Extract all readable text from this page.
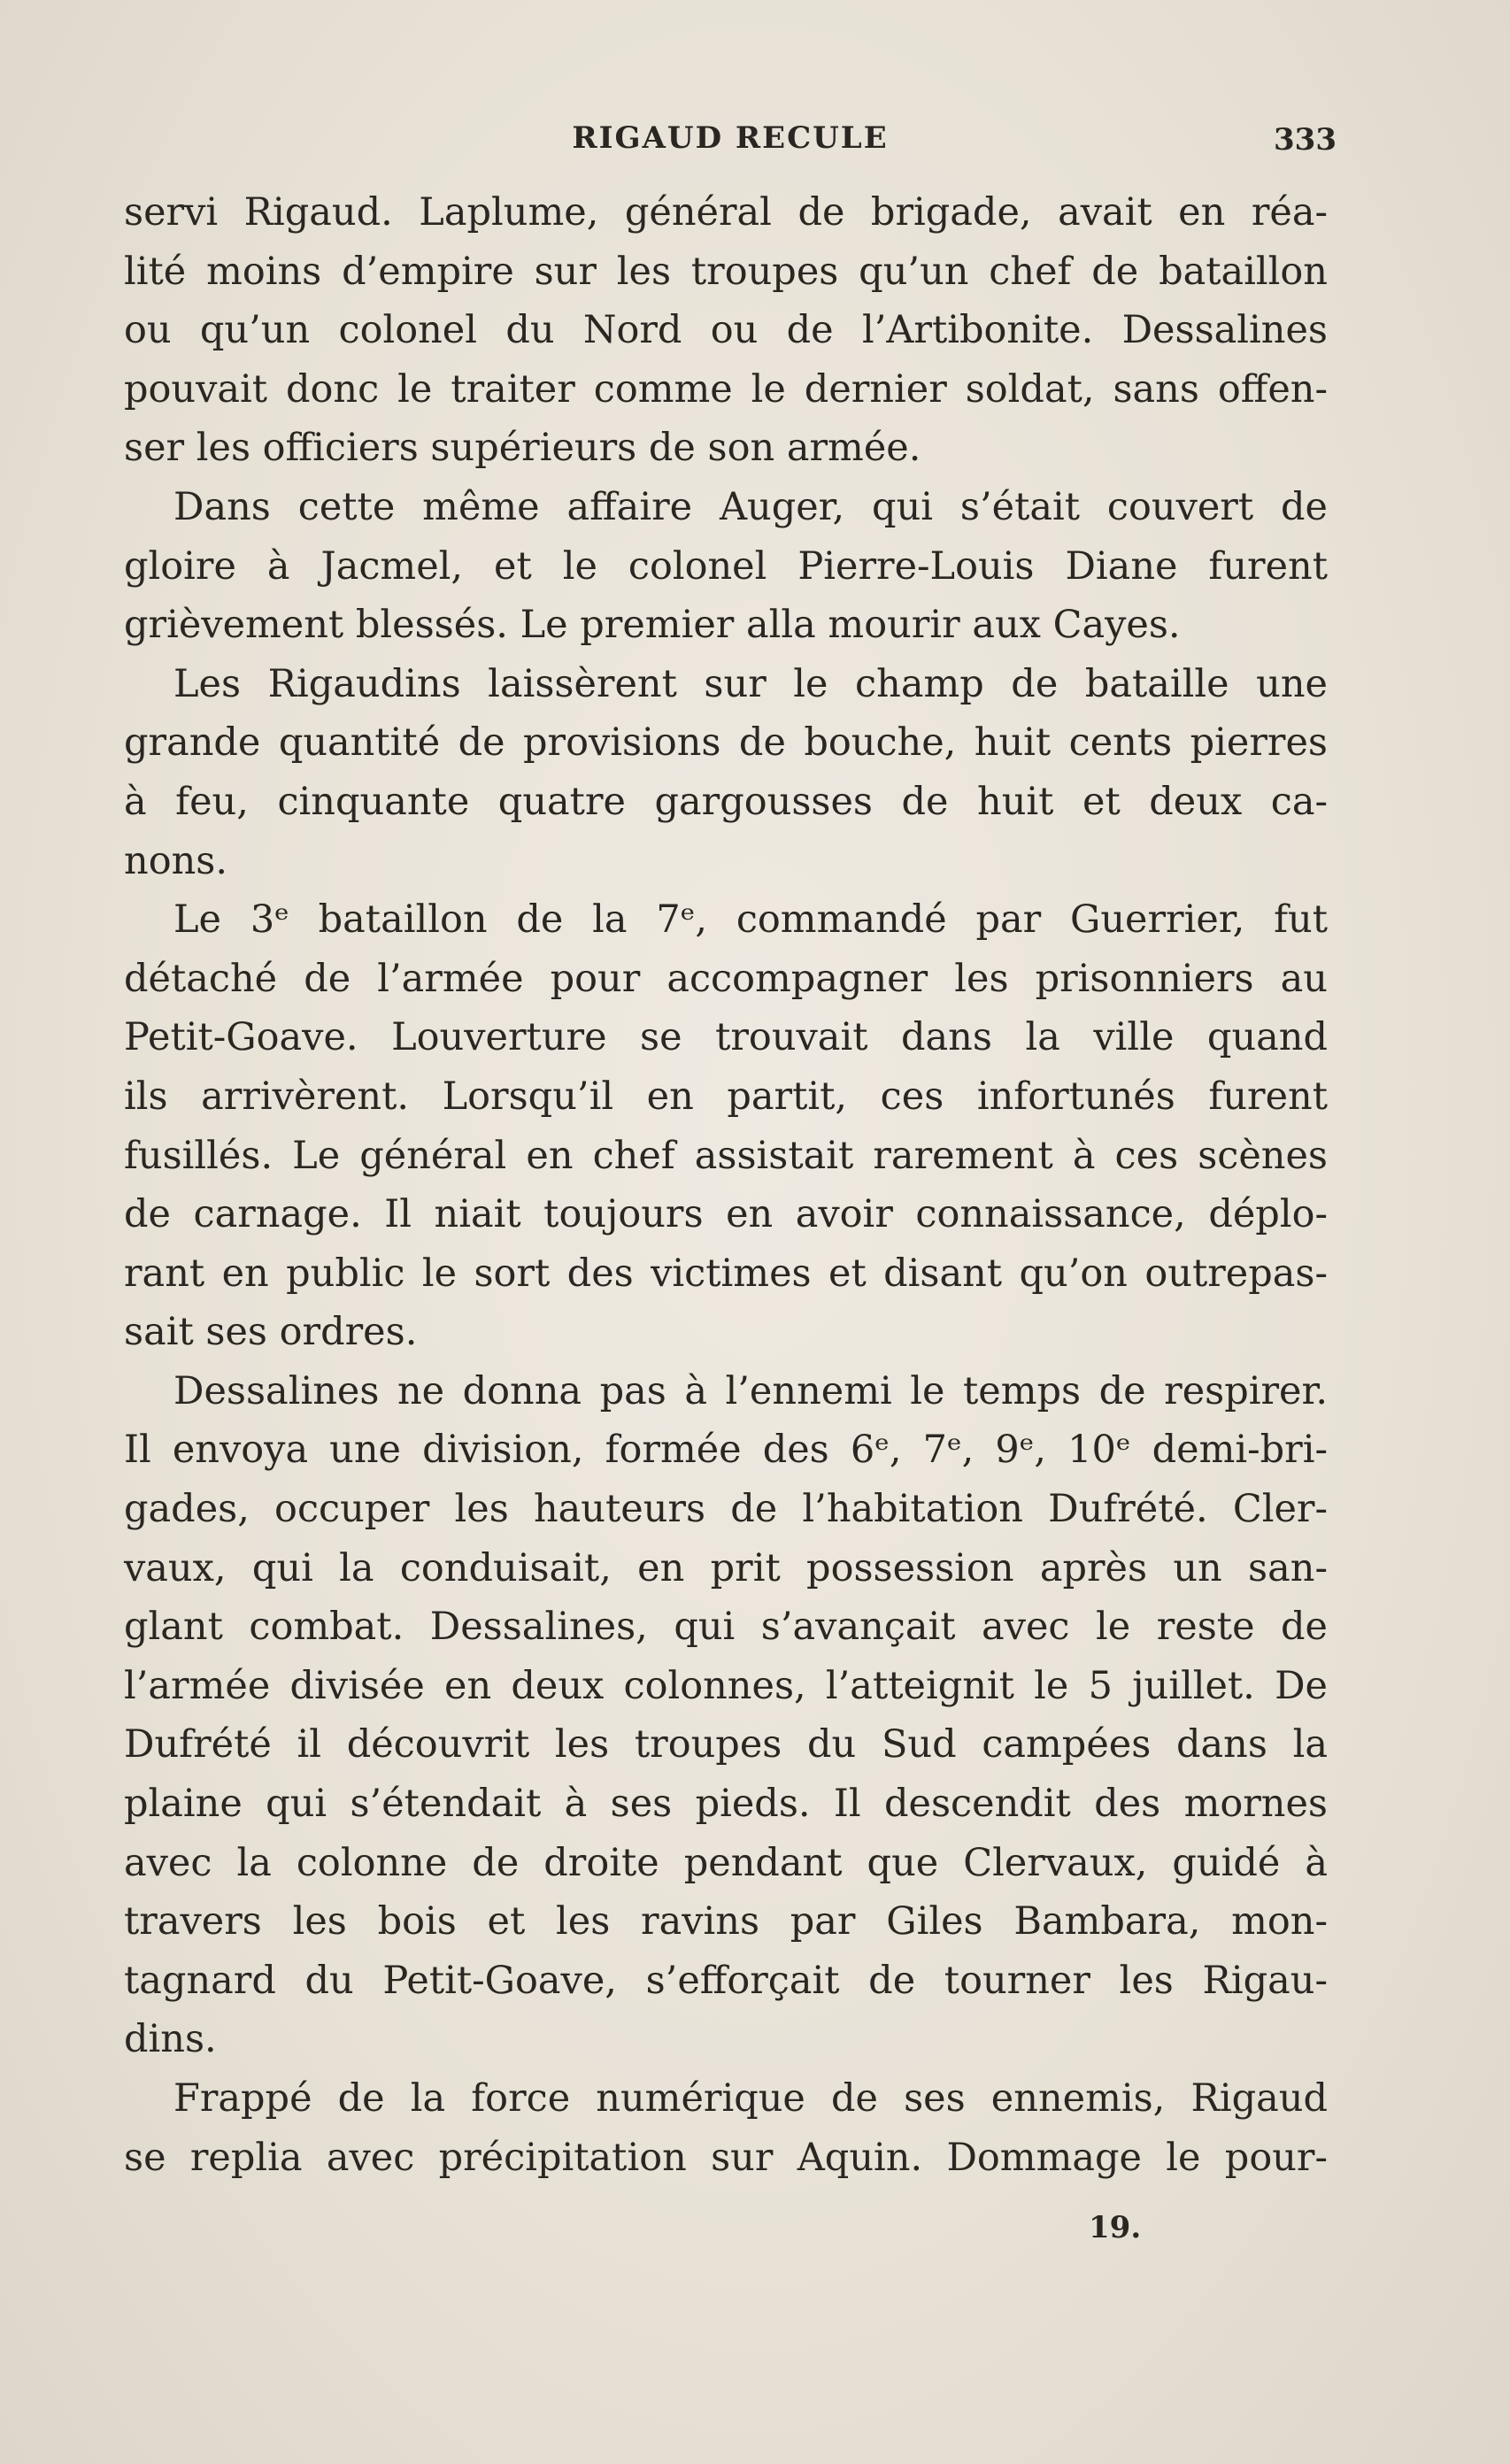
RIGAUD RECULE	333

servi Rigaud. Laplume, général de brigade, avait en réa-
lité moins d’empire sur les troupes qu’un chef de bataillon
ou qu’un colonel du Nord ou de l’Artibonite. Dessalines
pouvait donc le traiter comme le dernier soldat, sans offen-
ser les officiers supérieurs de son armée.

Dans cette même affaire Auger, qui s’était couvert de
gloire à Jacmel, et le colonel Pierre-Louis Diane furent
grièvement blessés. Le premier alla mourir aux Cayes.

Les Rigaudins laissèrent sur le champ de bataille une
grande quantité de provisions de bouche, huit cents pierres
à feu, cinquante quatre gargousses de huit et deux ca-
nons.

Le 3ᵉ bataillon de la 7ᵉ, commandé par Guerrier, fut
détaché de l’armée pour accompagner les prisonniers au
Petit-Goave. Louverture se trouvait dans la ville quand
ils arrivèrent. Lorsqu’il en partit, ces infortunés furent
fusillés. Le général en chef assistait rarement à ces scènes
de carnage. Il niait toujours en avoir connaissance, déplo-
rant en public le sort des victimes et disant qu’on outrepas-
sait ses ordres.

Dessalines ne donna pas à l’ennemi le temps de respirer.
Il envoya une division, formée des 6ᵉ, 7ᵉ, 9ᵉ, 10ᵉ demi-bri-
gades, occuper les hauteurs de l’habitation Dufrété. Cler-
vaux, qui la conduisait, en prit possession après un san-
glant combat. Dessalines, qui s’avançait avec le reste de
l’armée divisée en deux colonnes, l’atteignit le 5 juillet. De
Dufrété il découvrit les troupes du Sud campées dans la
plaine qui s’étendait à ses pieds. Il descendit des mornes
avec la colonne de droite pendant que Clervaux, guidé à
travers les bois et les ravins par Giles Bambara, mon-
tagnard du Petit-Goave, s’efforçait de tourner les Rigau-
dins.

Frappé de la force numérique de ses ennemis, Rigaud
se replia avec précipitation sur Aquin. Dommage le pour-

19.
